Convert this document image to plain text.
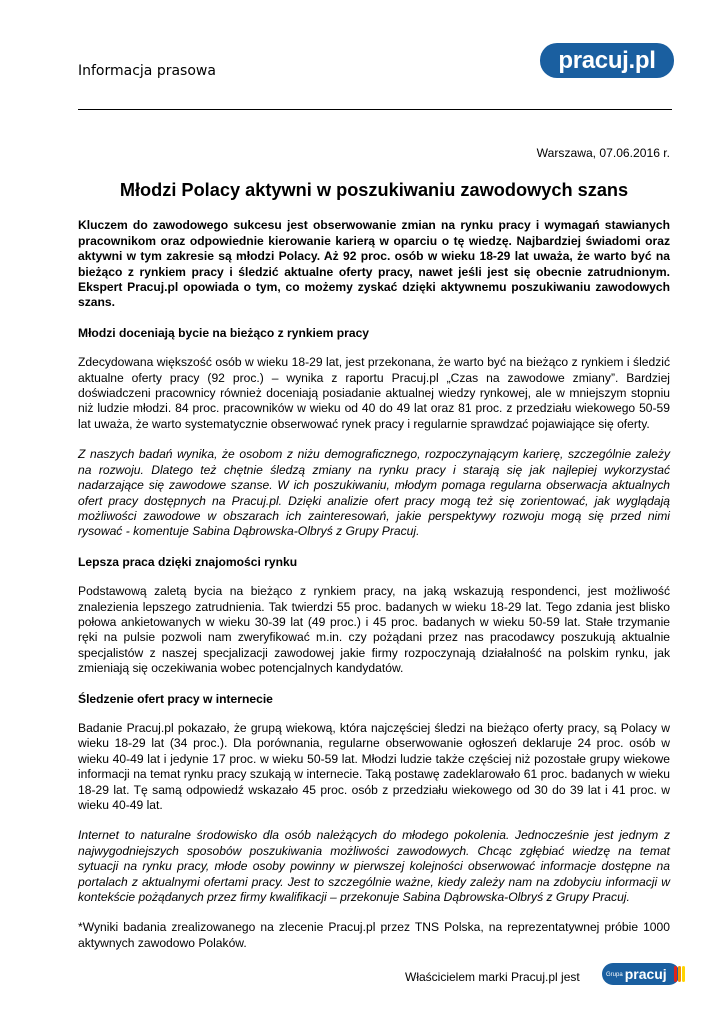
Informacja prasowa	pracuj.pl
Warszawa, 07.06.2016 r.
Młodzi Polacy aktywni w poszukiwaniu zawodowych szans

Kluczem do zawodowego sukcesu jest obserwowanie zmian na rynku pracy i wymagań stawianych pracownikom oraz odpowiednie kierowanie karierą w oparciu o tę wiedzę. Najbardziej świadomi oraz aktywni w tym zakresie są młodzi Polacy. Aż 92 proc. osób w wieku 18-29 lat uważa, że warto być na bieżąco z rynkiem pracy i śledzić aktualne oferty pracy, nawet jeśli jest się obecnie zatrudnionym. Ekspert Pracuj.pl opowiada o tym, co możemy zyskać dzięki aktywnemu poszukiwaniu zawodowych szans.

Młodzi doceniają bycie na bieżąco z rynkiem pracy

Zdecydowana większość osób w wieku 18-29 lat, jest przekonana, że warto być na bieżąco z rynkiem i śledzić aktualne oferty pracy (92 proc.) – wynika z raportu Pracuj.pl „Czas na zawodowe zmiany”. Bardziej doświadczeni pracownicy również doceniają posiadanie aktualnej wiedzy rynkowej, ale w mniejszym stopniu niż ludzie młodzi. 84 proc. pracowników w wieku od 40 do 49 lat oraz 81 proc. z przedziału wiekowego 50-59 lat uważa, że warto systematycznie obserwować rynek pracy i regularnie sprawdzać pojawiające się oferty.

Z naszych badań wynika, że osobom z niżu demograficznego, rozpoczynającym karierę, szczególnie zależy na rozwoju. Dlatego też chętnie śledzą zmiany na rynku pracy i starają się jak najlepiej wykorzystać nadarzające się zawodowe szanse. W ich poszukiwaniu, młodym pomaga regularna obserwacja aktualnych ofert pracy dostępnych na Pracuj.pl. Dzięki analizie ofert pracy mogą też się zorientować, jak wyglądają możliwości zawodowe w obszarach ich zainteresowań, jakie perspektywy rozwoju mogą się przed nimi rysować - komentuje Sabina Dąbrowska-Olbryś z Grupy Pracuj.

Lepsza praca dzięki znajomości rynku

Podstawową zaletą bycia na bieżąco z rynkiem pracy, na jaką wskazują respondenci, jest możliwość znalezienia lepszego zatrudnienia. Tak twierdzi 55 proc. badanych w wieku 18-29 lat. Tego zdania jest blisko połowa ankietowanych w wieku 30-39 lat (49 proc.) i 45 proc. badanych w wieku 50-59 lat. Stałe trzymanie ręki na pulsie pozwoli nam zweryfikować m.in. czy pożądani przez nas pracodawcy poszukują aktualnie specjalistów z naszej specjalizacji zawodowej jakie firmy rozpoczynają działalność na polskim rynku, jak zmieniają się oczekiwania wobec potencjalnych kandydatów.

Śledzenie ofert pracy w internecie

Badanie Pracuj.pl pokazało, że grupą wiekową, która najczęściej śledzi na bieżąco oferty pracy, są Polacy w wieku 18-29 lat (34 proc.). Dla porównania, regularne obserwowanie ogłoszeń deklaruje 24 proc. osób w wieku 40-49 lat i jedynie 17 proc. w wieku 50-59 lat. Młodzi ludzie także częściej niż pozostałe grupy wiekowe informacji na temat rynku pracy szukają w internecie. Taką postawę zadeklarowało 61 proc. badanych w wieku 18-29 lat. Tę samą odpowiedź wskazało 45 proc. osób z przedziału wiekowego od 30 do 39 lat i 41 proc. w wieku 40-49 lat.

Internet to naturalne środowisko dla osób należących do młodego pokolenia. Jednocześnie jest jednym z najwygodniejszych sposobów poszukiwania możliwości zawodowych. Chcąc zgłębiać wiedzę na temat sytuacji na rynku pracy, młode osoby powinny w pierwszej kolejności obserwować informacje dostępne na portalach z aktualnymi ofertami pracy. Jest to szczególnie ważne, kiedy zależy nam na zdobyciu informacji w kontekście pożądanych przez firmy kwalifikacji – przekonuje Sabina Dąbrowska-Olbryś z Grupy Pracuj.

*Wyniki badania zrealizowanego na zlecenie Pracuj.pl przez TNS Polska, na reprezentatywnej próbie 1000 aktywnych zawodowo Polaków.

Właścicielem marki Pracuj.pl jest	Grupa pracuj
